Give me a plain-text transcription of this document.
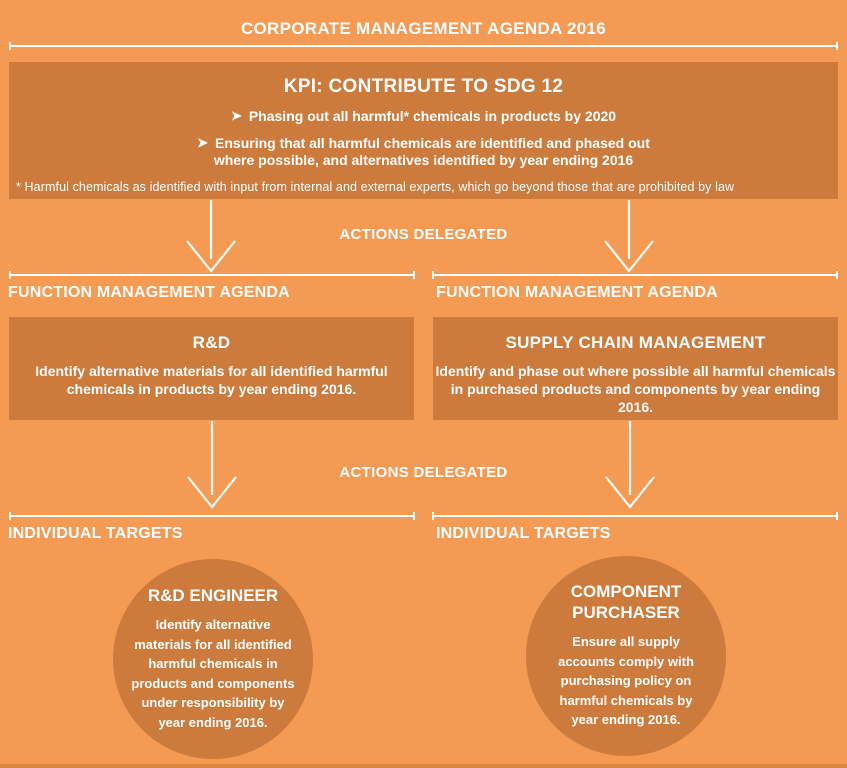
CORPORATE MANAGEMENT AGENDA 2016
KPI: CONTRIBUTE TO SDG 12
➤ Phasing out all harmful* chemicals in products by 2020
➤ Ensuring that all harmful chemicals are identified and phased out where possible, and alternatives identified by year ending 2016
* Harmful chemicals as identified with input from internal and external experts, which go beyond those that are prohibited by law
ACTIONS DELEGATED
FUNCTION MANAGEMENT AGENDA	FUNCTION MANAGEMENT AGENDA
R&D

Identify alternative materials for all identified harmful chemicals in products by year ending 2016.

SUPPLY CHAIN MANAGEMENT

Identify and phase out where possible all harmful chemicals in purchased products and components by year ending 2016.

ACTIONS DELEGATED
INDIVIDUAL TARGETS	INDIVIDUAL TARGETS
R&D ENGINEER

Identify alternative materials for all identified harmful chemicals in products and components under responsibility by year ending 2016.

COMPONENT PURCHASER

Ensure all supply accounts comply with purchasing policy on harmful chemicals by year ending 2016.
